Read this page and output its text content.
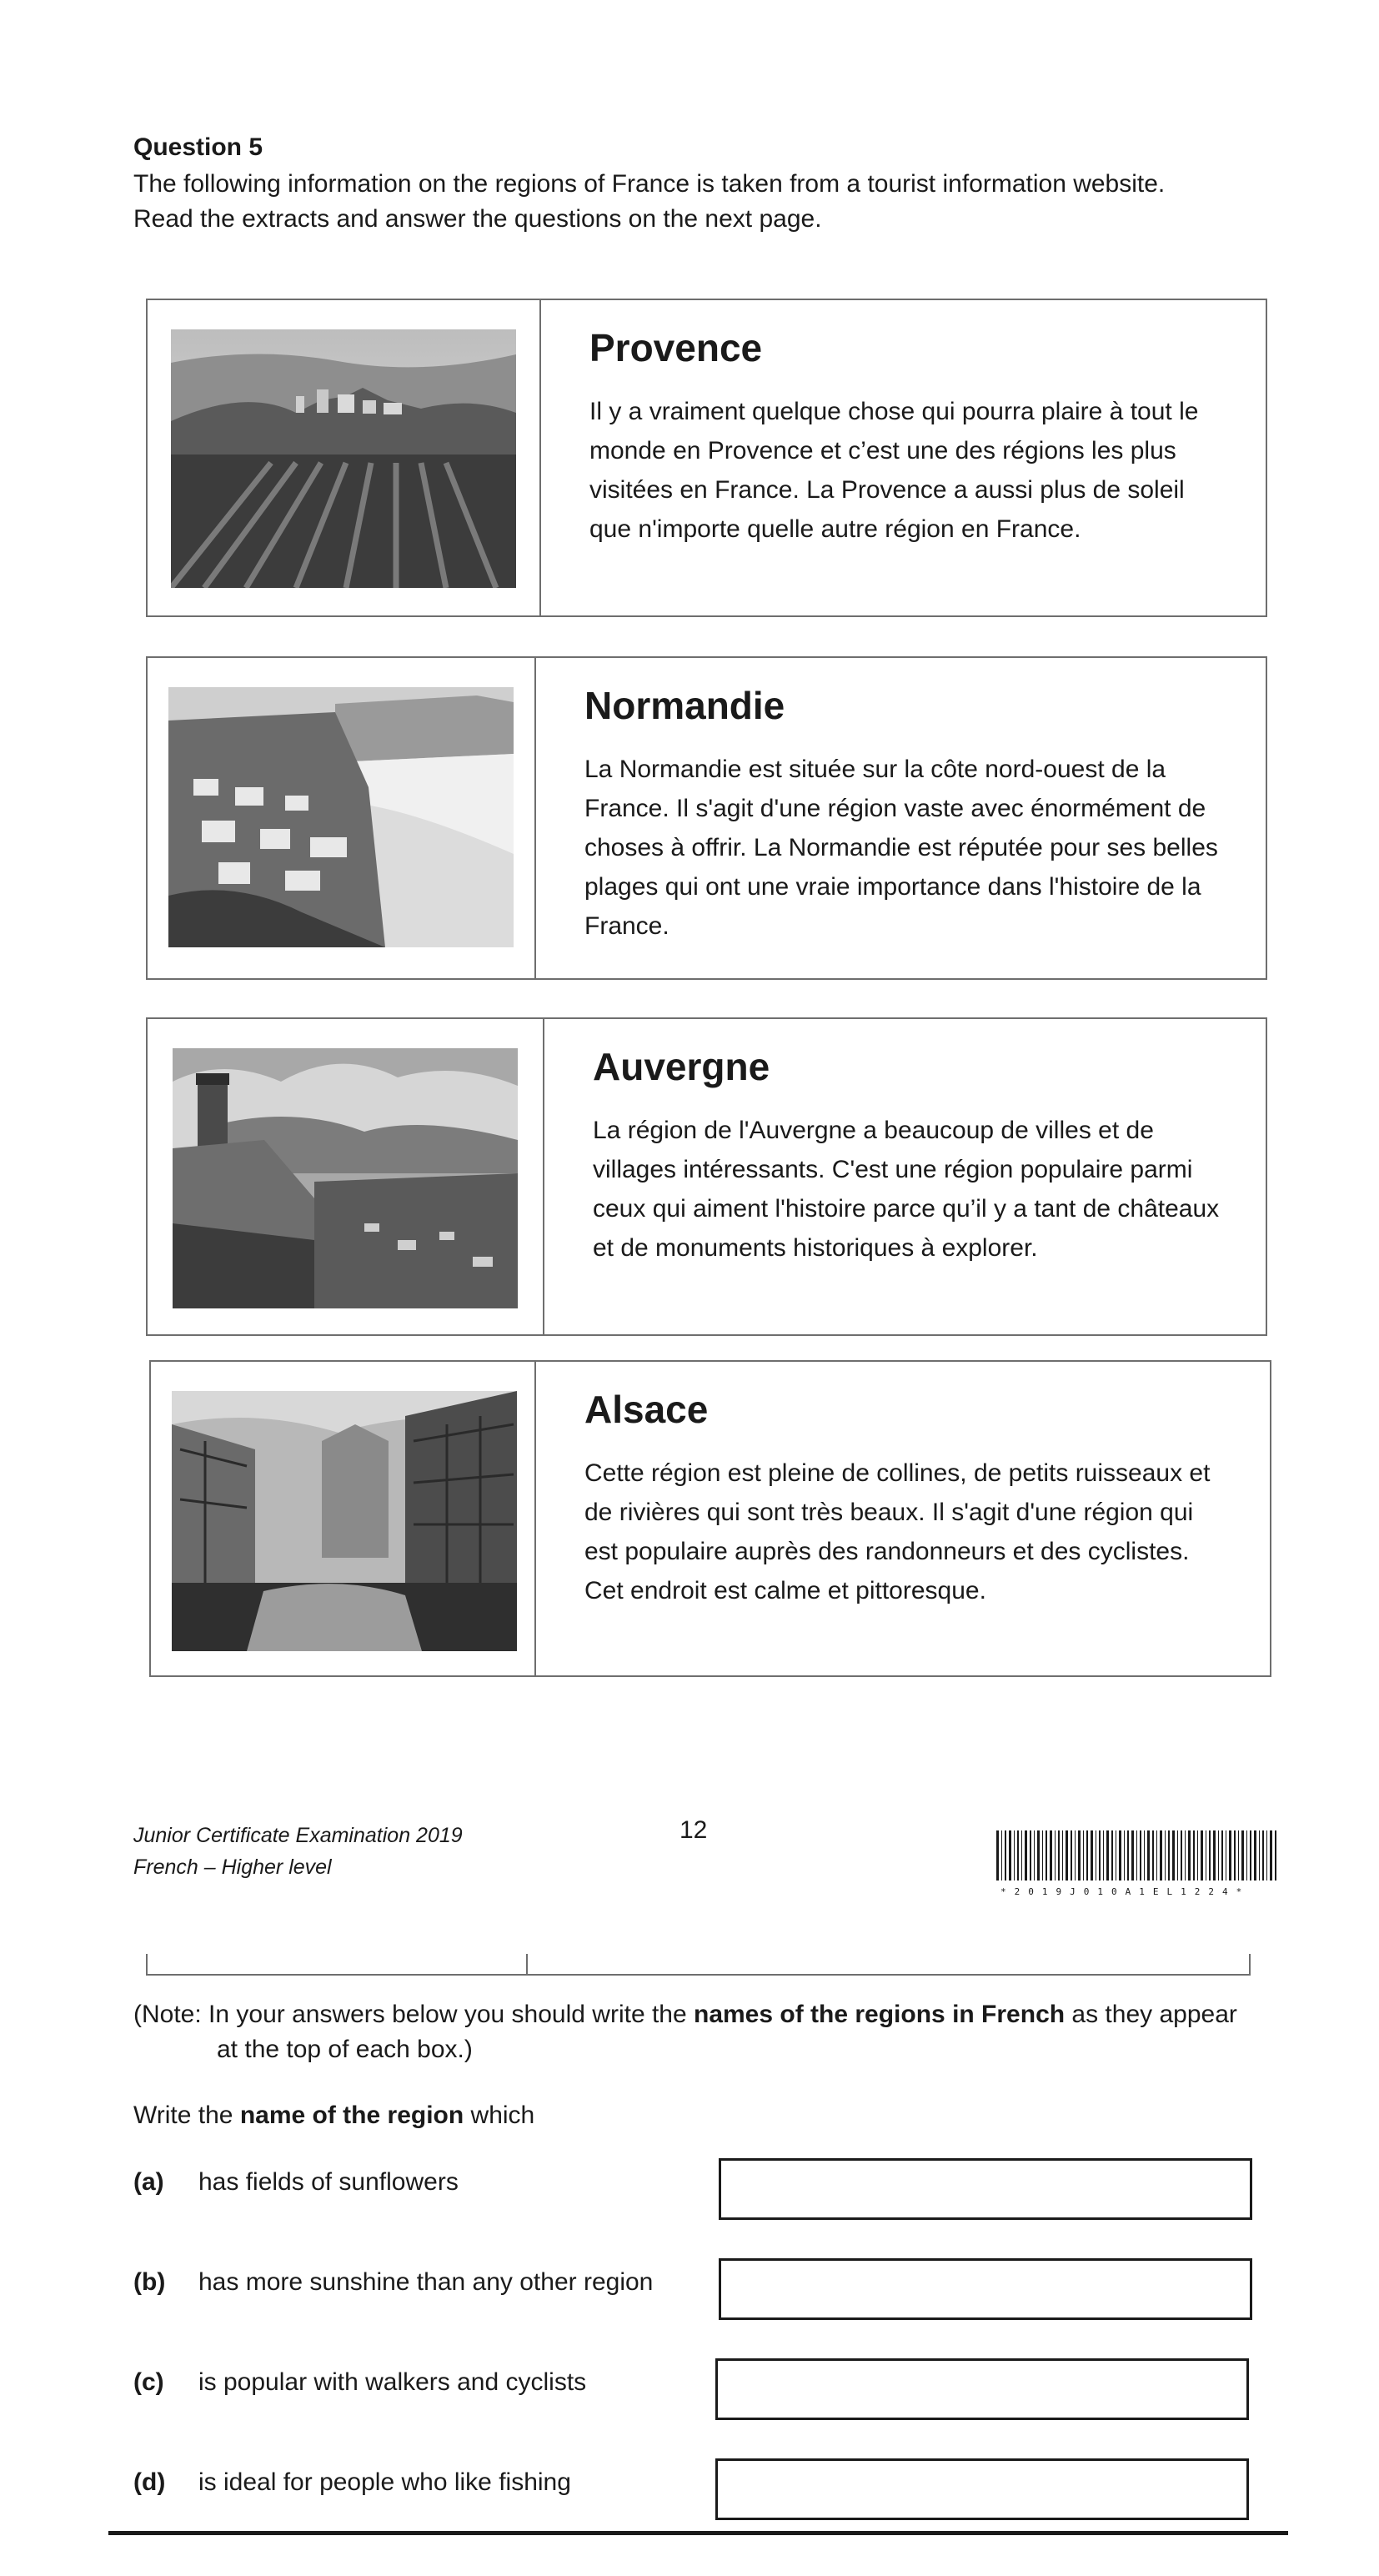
Question 5
The following information on the regions of France is taken from a tourist information website.
Read the extracts and answer the questions on the next page.
Provence

Il y a vraiment quelque chose qui pourra plaire à tout le monde en Provence et c’est une des régions les plus visitées en France. La Provence a aussi plus de soleil que n'importe quelle autre région en France.

Normandie

La Normandie est située sur la côte nord-ouest de la France. Il s'agit d'une région vaste avec énormément de choses à offrir. La Normandie est réputée pour ses belles plages qui ont une vraie importance dans l'histoire de la France.

Auvergne

La région de l'Auvergne a beaucoup de villes et de villages intéressants. C'est une région populaire parmi ceux qui aiment l'histoire parce qu’il y a tant de châteaux et de monuments historiques à explorer.

Alsace

Cette région est pleine de collines, de petits ruisseaux et de rivières qui sont très beaux. Il s'agit d'une région qui est populaire auprès des randonneurs et des cyclistes. Cet endroit est calme et pittoresque.

Junior Certificate Examination 2019
French – Higher level
12
*2019J010A1EL1224*
(Note: In your answers below you should write the names of the regions in French as they appear
at the top of each box.)
Write the name of the region which
(a) has fields of sunflowers
(b) has more sunshine than any other region
(c) is popular with walkers and cyclists
(d) is ideal for people who like fishing
